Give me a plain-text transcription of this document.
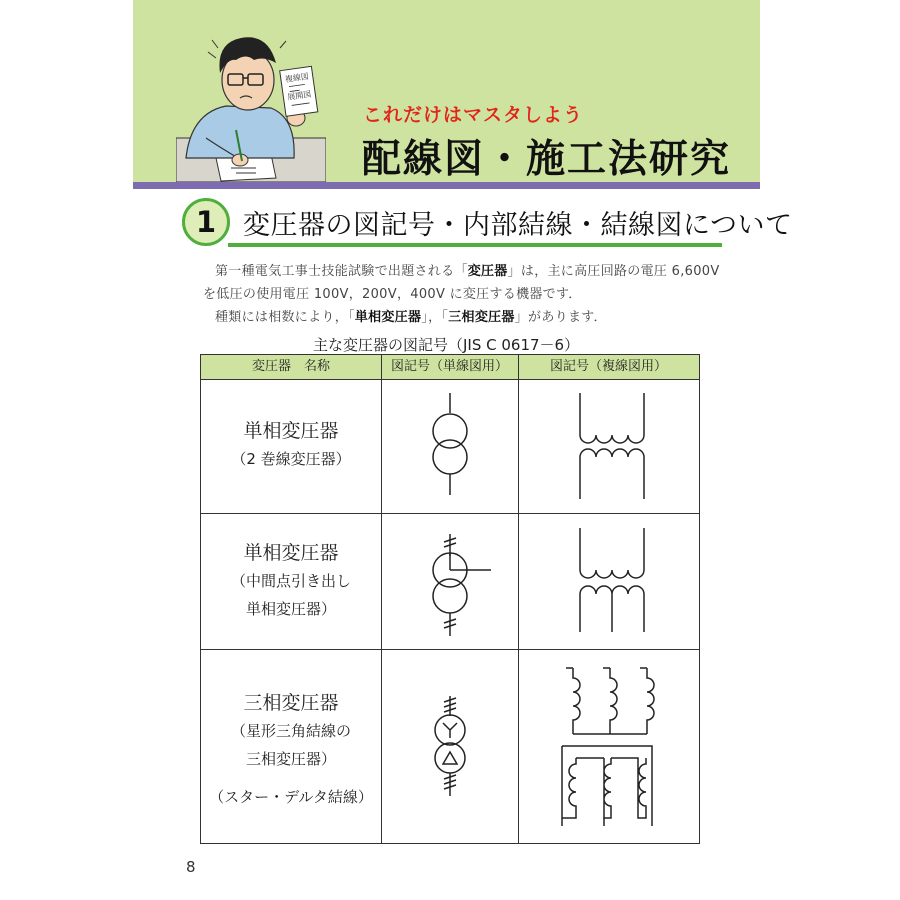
複線図
展開図
これだけはマスタしよう
配線図・施工法研究
1 変圧器の図記号・内部結線・結線図について
第一種電気工事士技能試験で出題される「変圧器」は，主に高圧回路の電圧 6,600V
を低圧の使用電圧 100V，200V，400V に変圧する機器です．
種類には相数により，「単相変圧器」，「三相変圧器」があります．
主な変圧器の図記号（JIS C 0617－6）
変圧器　名称	図記号（単線図用）	図記号（複線図用）
単相変圧器
（2 巻線変圧器）
単相変圧器
（中間点引き出し
単相変圧器）
三相変圧器
（星形三角結線の
三相変圧器）
（スター・デルタ結線）
8
